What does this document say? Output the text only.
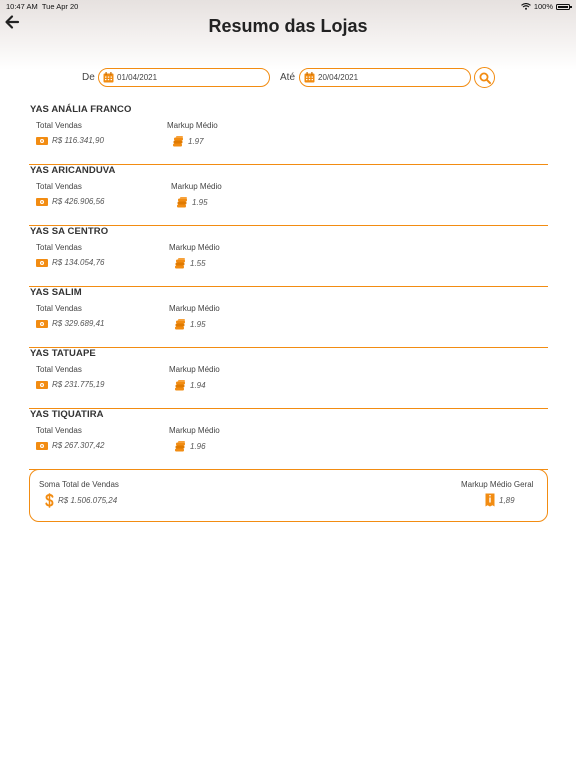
10:47 AM Tue Apr 20	100%
Resumo das Lojas
De	01/04/2021	Até	20/04/2021
YAS ANÁLIA FRANCO
Total Vendas	Markup Médio
R$ 116.341,90	1.97
YAS ARICANDUVA
Total Vendas	Markup Médio
R$ 426.906,56	1.95
YAS SA CENTRO
Total Vendas	Markup Médio
R$ 134.054,76	1.55
YAS SALIM
Total Vendas	Markup Médio
R$ 329.689,41	1.95
YAS TATUAPE
Total Vendas	Markup Médio
R$ 231.775,19	1.94
YAS TIQUATIRA
Total Vendas	Markup Médio
R$ 267.307,42	1.96
Soma Total de Vendas
R$ 1.506.075,24
Markup Médio Geral
1,89
